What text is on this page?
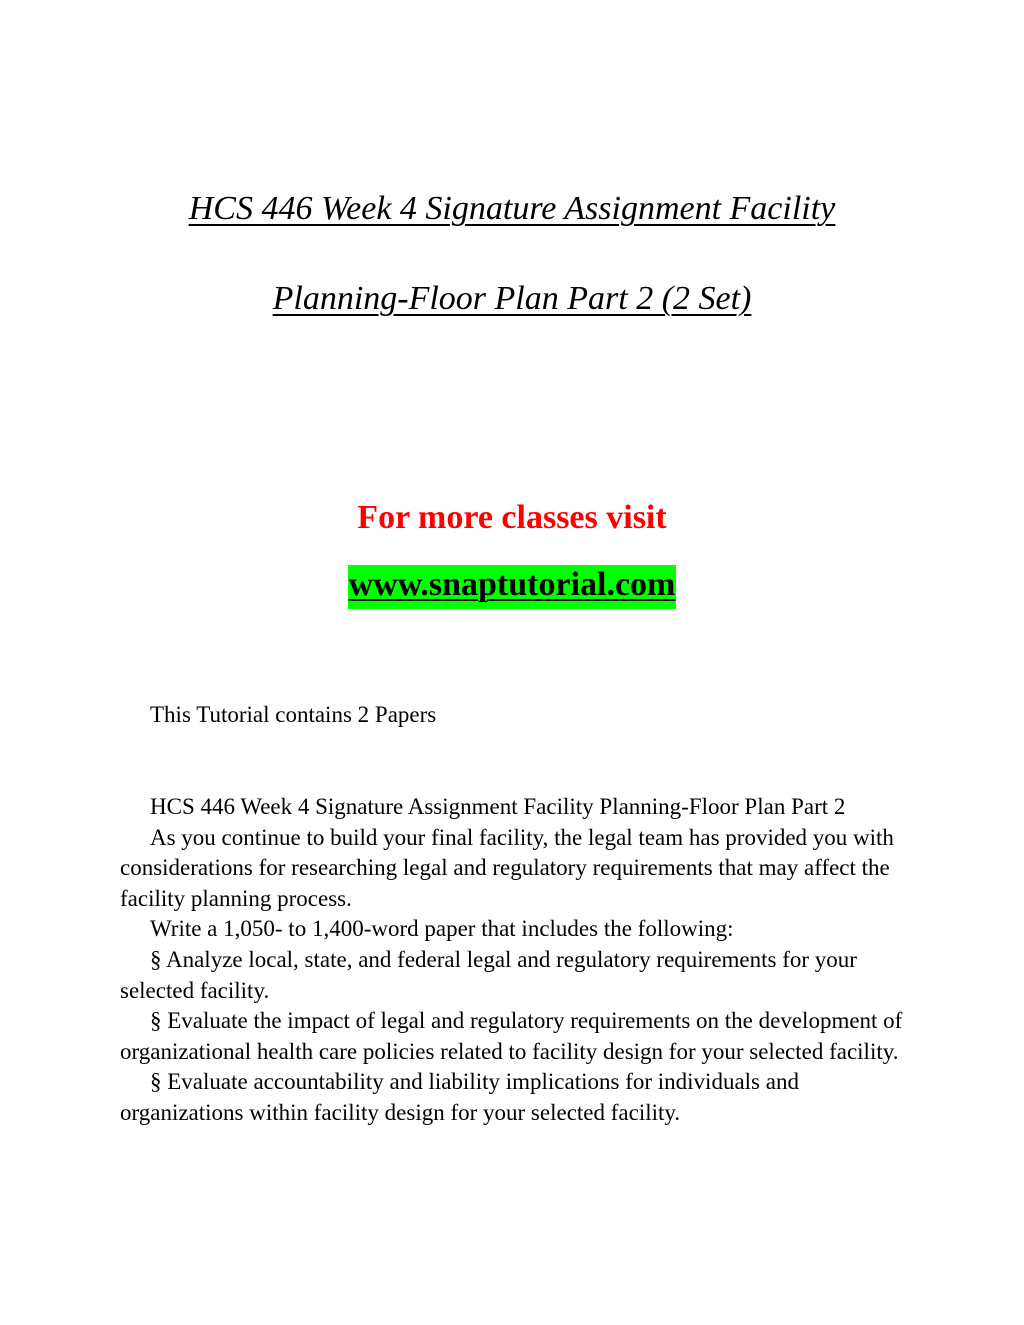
HCS 446 Week 4 Signature Assignment Facility
Planning-Floor Plan Part 2 (2 Set)
For more classes visit
www.snaptutorial.com
This Tutorial contains 2 Papers

HCS 446 Week 4 Signature Assignment Facility Planning-Floor Plan Part 2

As you continue to build your final facility, the legal team has provided you with considerations for researching legal and regulatory requirements that may affect the facility planning process.

Write a 1,050- to 1,400-word paper that includes the following:

§ Analyze local, state, and federal legal and regulatory requirements for your selected facility.

§ Evaluate the impact of legal and regulatory requirements on the development of organizational health care policies related to facility design for your selected facility.

§ Evaluate accountability and liability implications for individuals and organizations within facility design for your selected facility.
